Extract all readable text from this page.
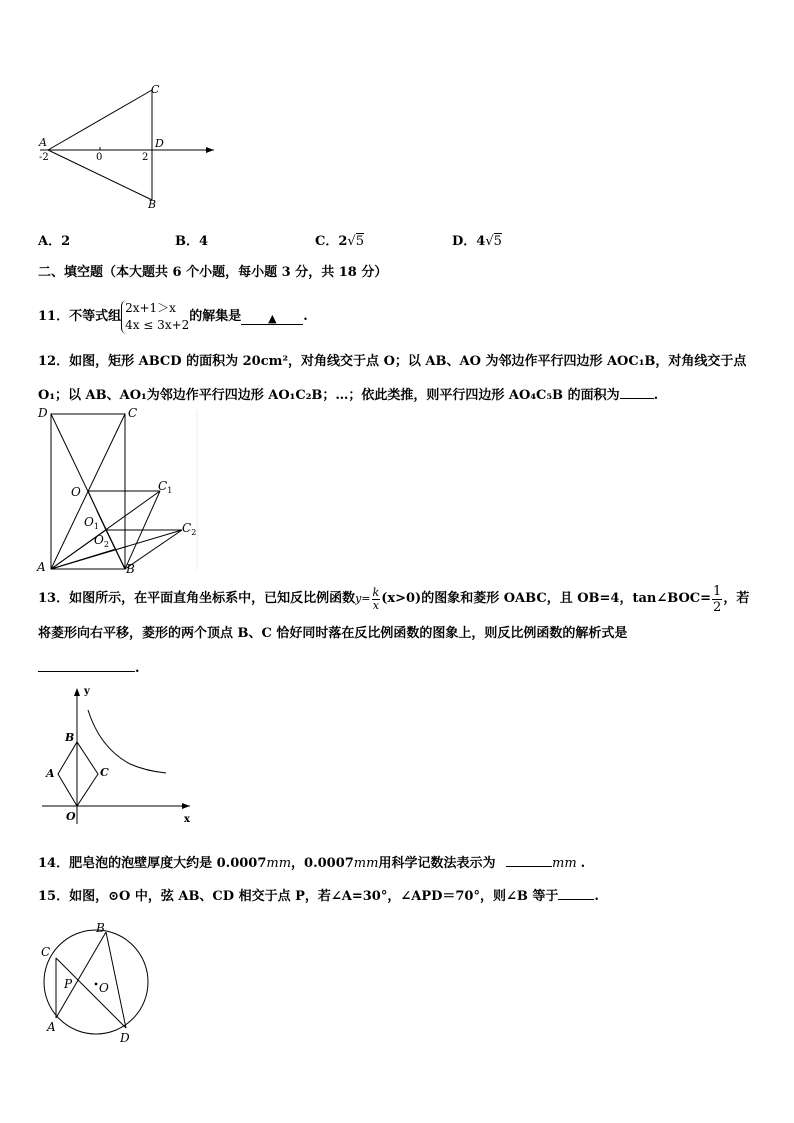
A
-2	0	2
D
C
B
A．2	B．4	C．2√5	D．4√5
二、填空题（本大题共 6 个小题，每小题 3 分，共 18 分）
11．不等式组
2x+1＞x
4x ≤ 3x+2
的解集是	▲	.
12．如图，矩形 ABCD 的面积为 20cm²，对角线交于点 O；以 AB、AO 为邻边作平行四边形 AOC₁B，对角线交于点
O₁；以 AB、AO₁为邻边作平行四边形 AO₁C₂B；…；依此类推，则平行四边形 AO₄C₅B 的面积为	.
D	C
O	$C_1$
$O_1$
$O_2$
$C_2$
A	B
13．如图所示，在平面直角坐标系中，已知反比例函数 $y= \frac{k}{x} (x>0)$的图象和菱形 OABC，且 OB=4，tan∠BOC= $\frac{1}{2}$ ，若
将菱形向右平移，菱形的两个顶点 B、C 恰好同时落在反比例函数的图象上，则反比例函数的解析式是
.
y
B
A	C
O	x
14．肥皂泡的泡壁厚度大约是 0.0007mm，0.0007mm用科学记数法表示为	mm .
15．如图，⊙O 中，弦 AB、CD 相交于点 P，若∠A=30°，∠APD＝70°，则∠B 等于	.
B
C
P O
A
D
